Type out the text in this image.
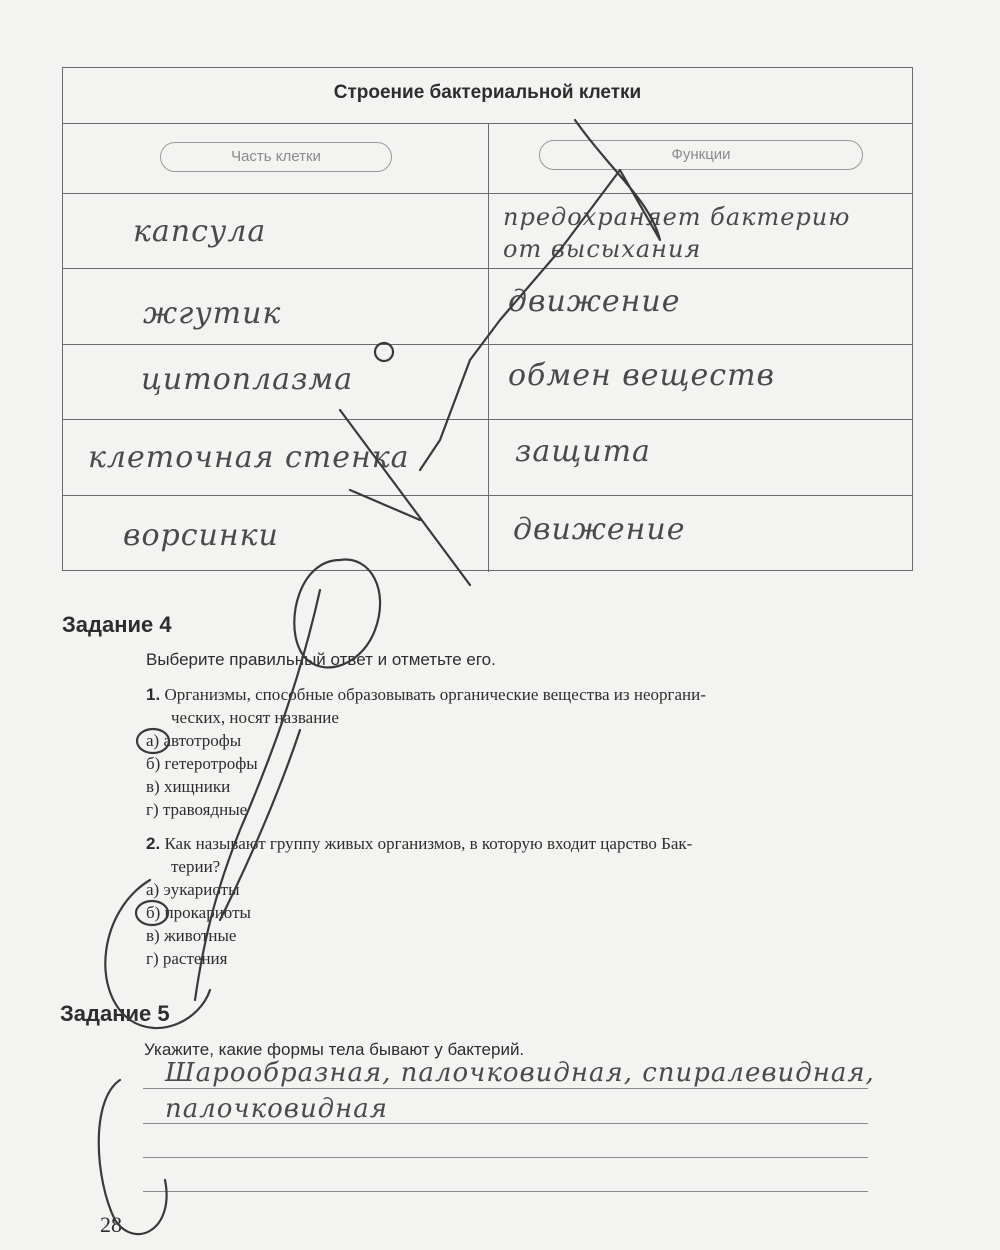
Строение бактериальной клетки
Часть клетки	Функции
капсула	предохраняет бактерию от высыхания
жгутик	движение
цитоплазма	обмен веществ
клеточная стенка	защита
ворсинки	движение
Задание 4
Выберите правильный ответ и отметьте его.
1. Организмы, способные образовывать органические вещества из неоргани-
ческих, носят название
а) автотрофы
б) гетеротрофы
в) хищники
г) травоядные
2. Как называют группу живых организмов, в которую входит царство Бак-
терии?
а) эукариоты
б) прокариоты
в) животные
г) растения
Задание 5
Укажите, какие формы тела бывают у бактерий.
Шарообразная, палочковидная, спиралевидная,
палочковидная
28
